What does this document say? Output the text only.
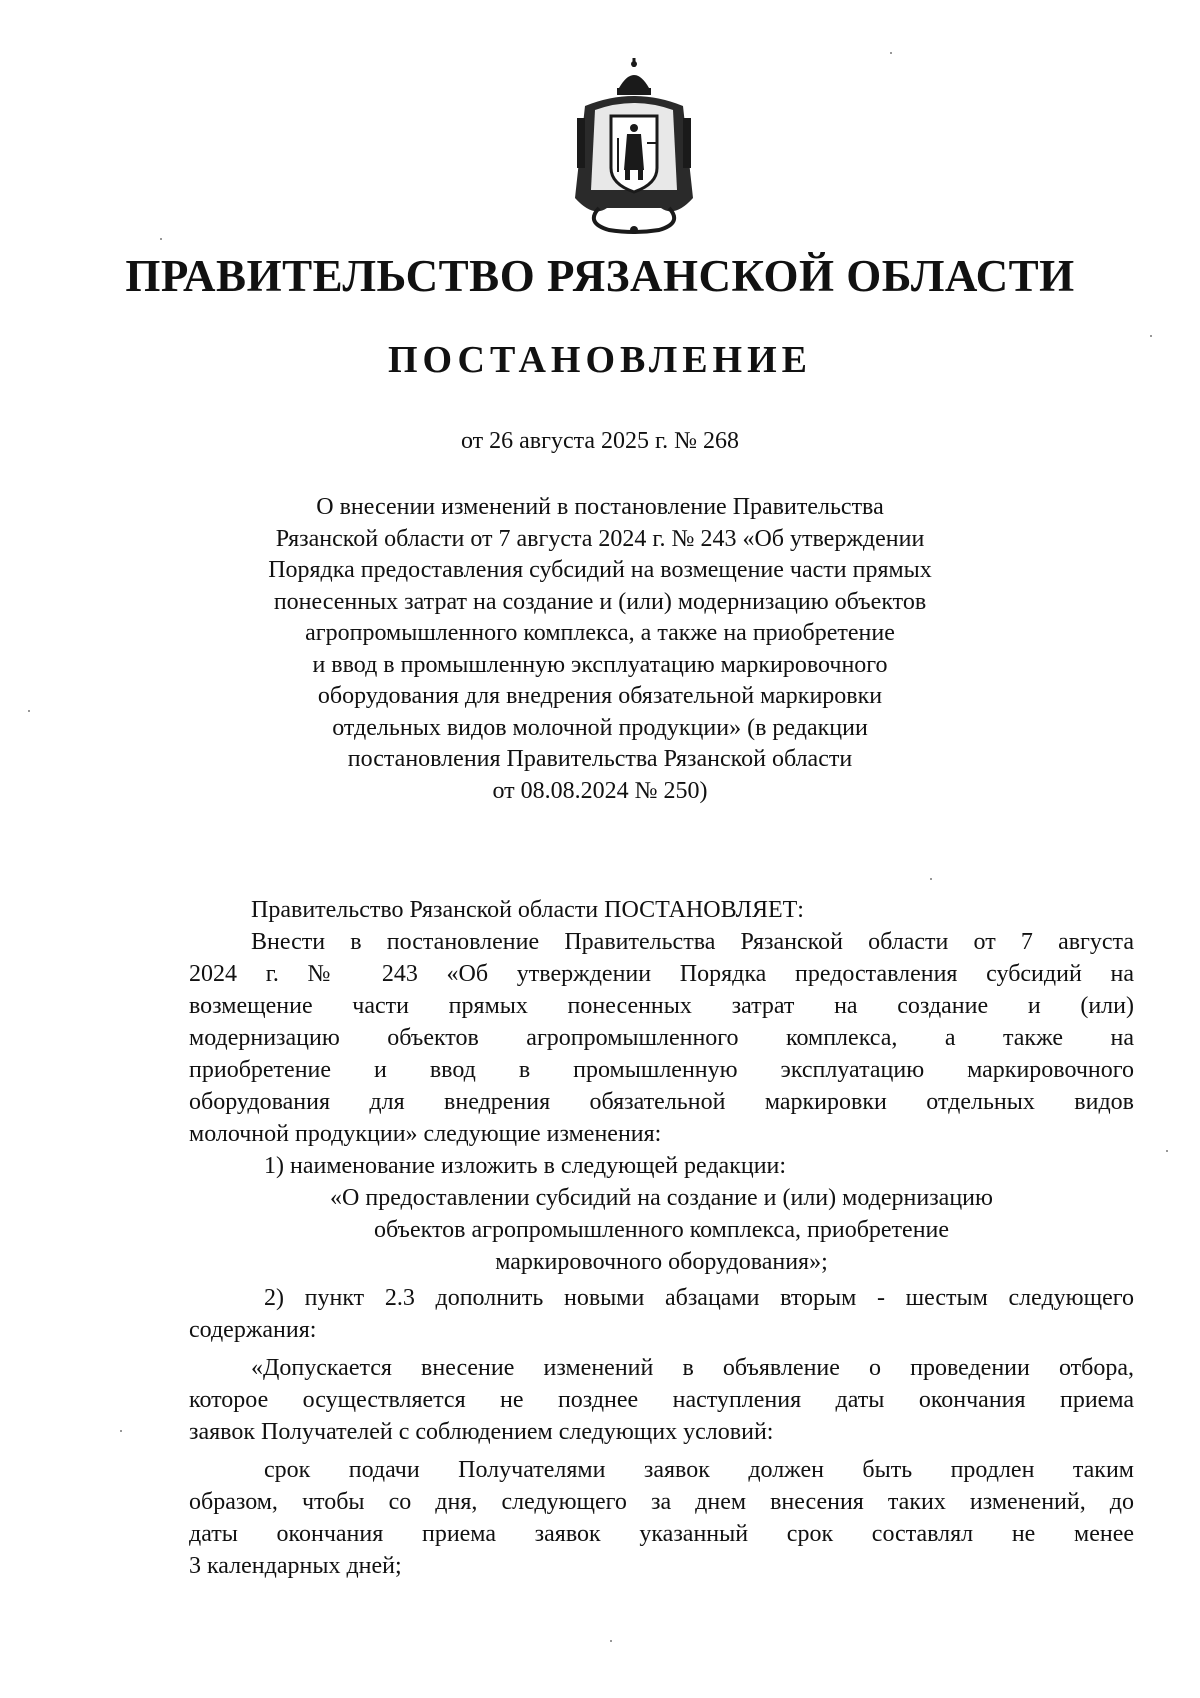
ПРАВИТЕЛЬСТВО РЯЗАНСКОЙ ОБЛАСТИ
ПОСТАНОВЛЕНИЕ
от 26 августа 2025 г. № 268
О внесении изменений в постановление Правительства
Рязанской области от 7 августа 2024 г. № 243 «Об утверждении
Порядка предоставления субсидий на возмещение части прямых
понесенных затрат на создание и (или) модернизацию объектов
агропромышленного комплекса, а также на приобретение
и ввод в промышленную эксплуатацию маркировочного
оборудования для внедрения обязательной маркировки
отдельных видов молочной продукции» (в редакции
постановления Правительства Рязанской области
от 08.08.2024 № 250)

Правительство Рязанской области ПОСТАНОВЛЯЕТ:

Внести в постановление Правительства Рязанской области от 7 августа
2024 г. № 243 «Об утверждении Порядка предоставления субсидий на
возмещение части прямых понесенных затрат на создание и (или)
модернизацию объектов агропромышленного комплекса, а также на
приобретение и ввод в промышленную эксплуатацию маркировочного
оборудования для внедрения обязательной маркировки отдельных видов
молочной продукции» следующие изменения:

1) наименование изложить в следующей редакции:

«О предоставлении субсидий на создание и (или) модернизацию
объектов агропромышленного комплекса, приобретение
маркировочного оборудования»;
2) пункт 2.3 дополнить новыми абзацами вторым - шестым следующего
содержания:
«Допускается внесение изменений в объявление о проведении отбора,
которое осуществляется не позднее наступления даты окончания приема
заявок Получателей с соблюдением следующих условий:
срок подачи Получателями заявок должен быть продлен таким
образом, чтобы со дня, следующего за днем внесения таких изменений, до
даты окончания приема заявок указанный срок составлял не менее
3 календарных дней;
